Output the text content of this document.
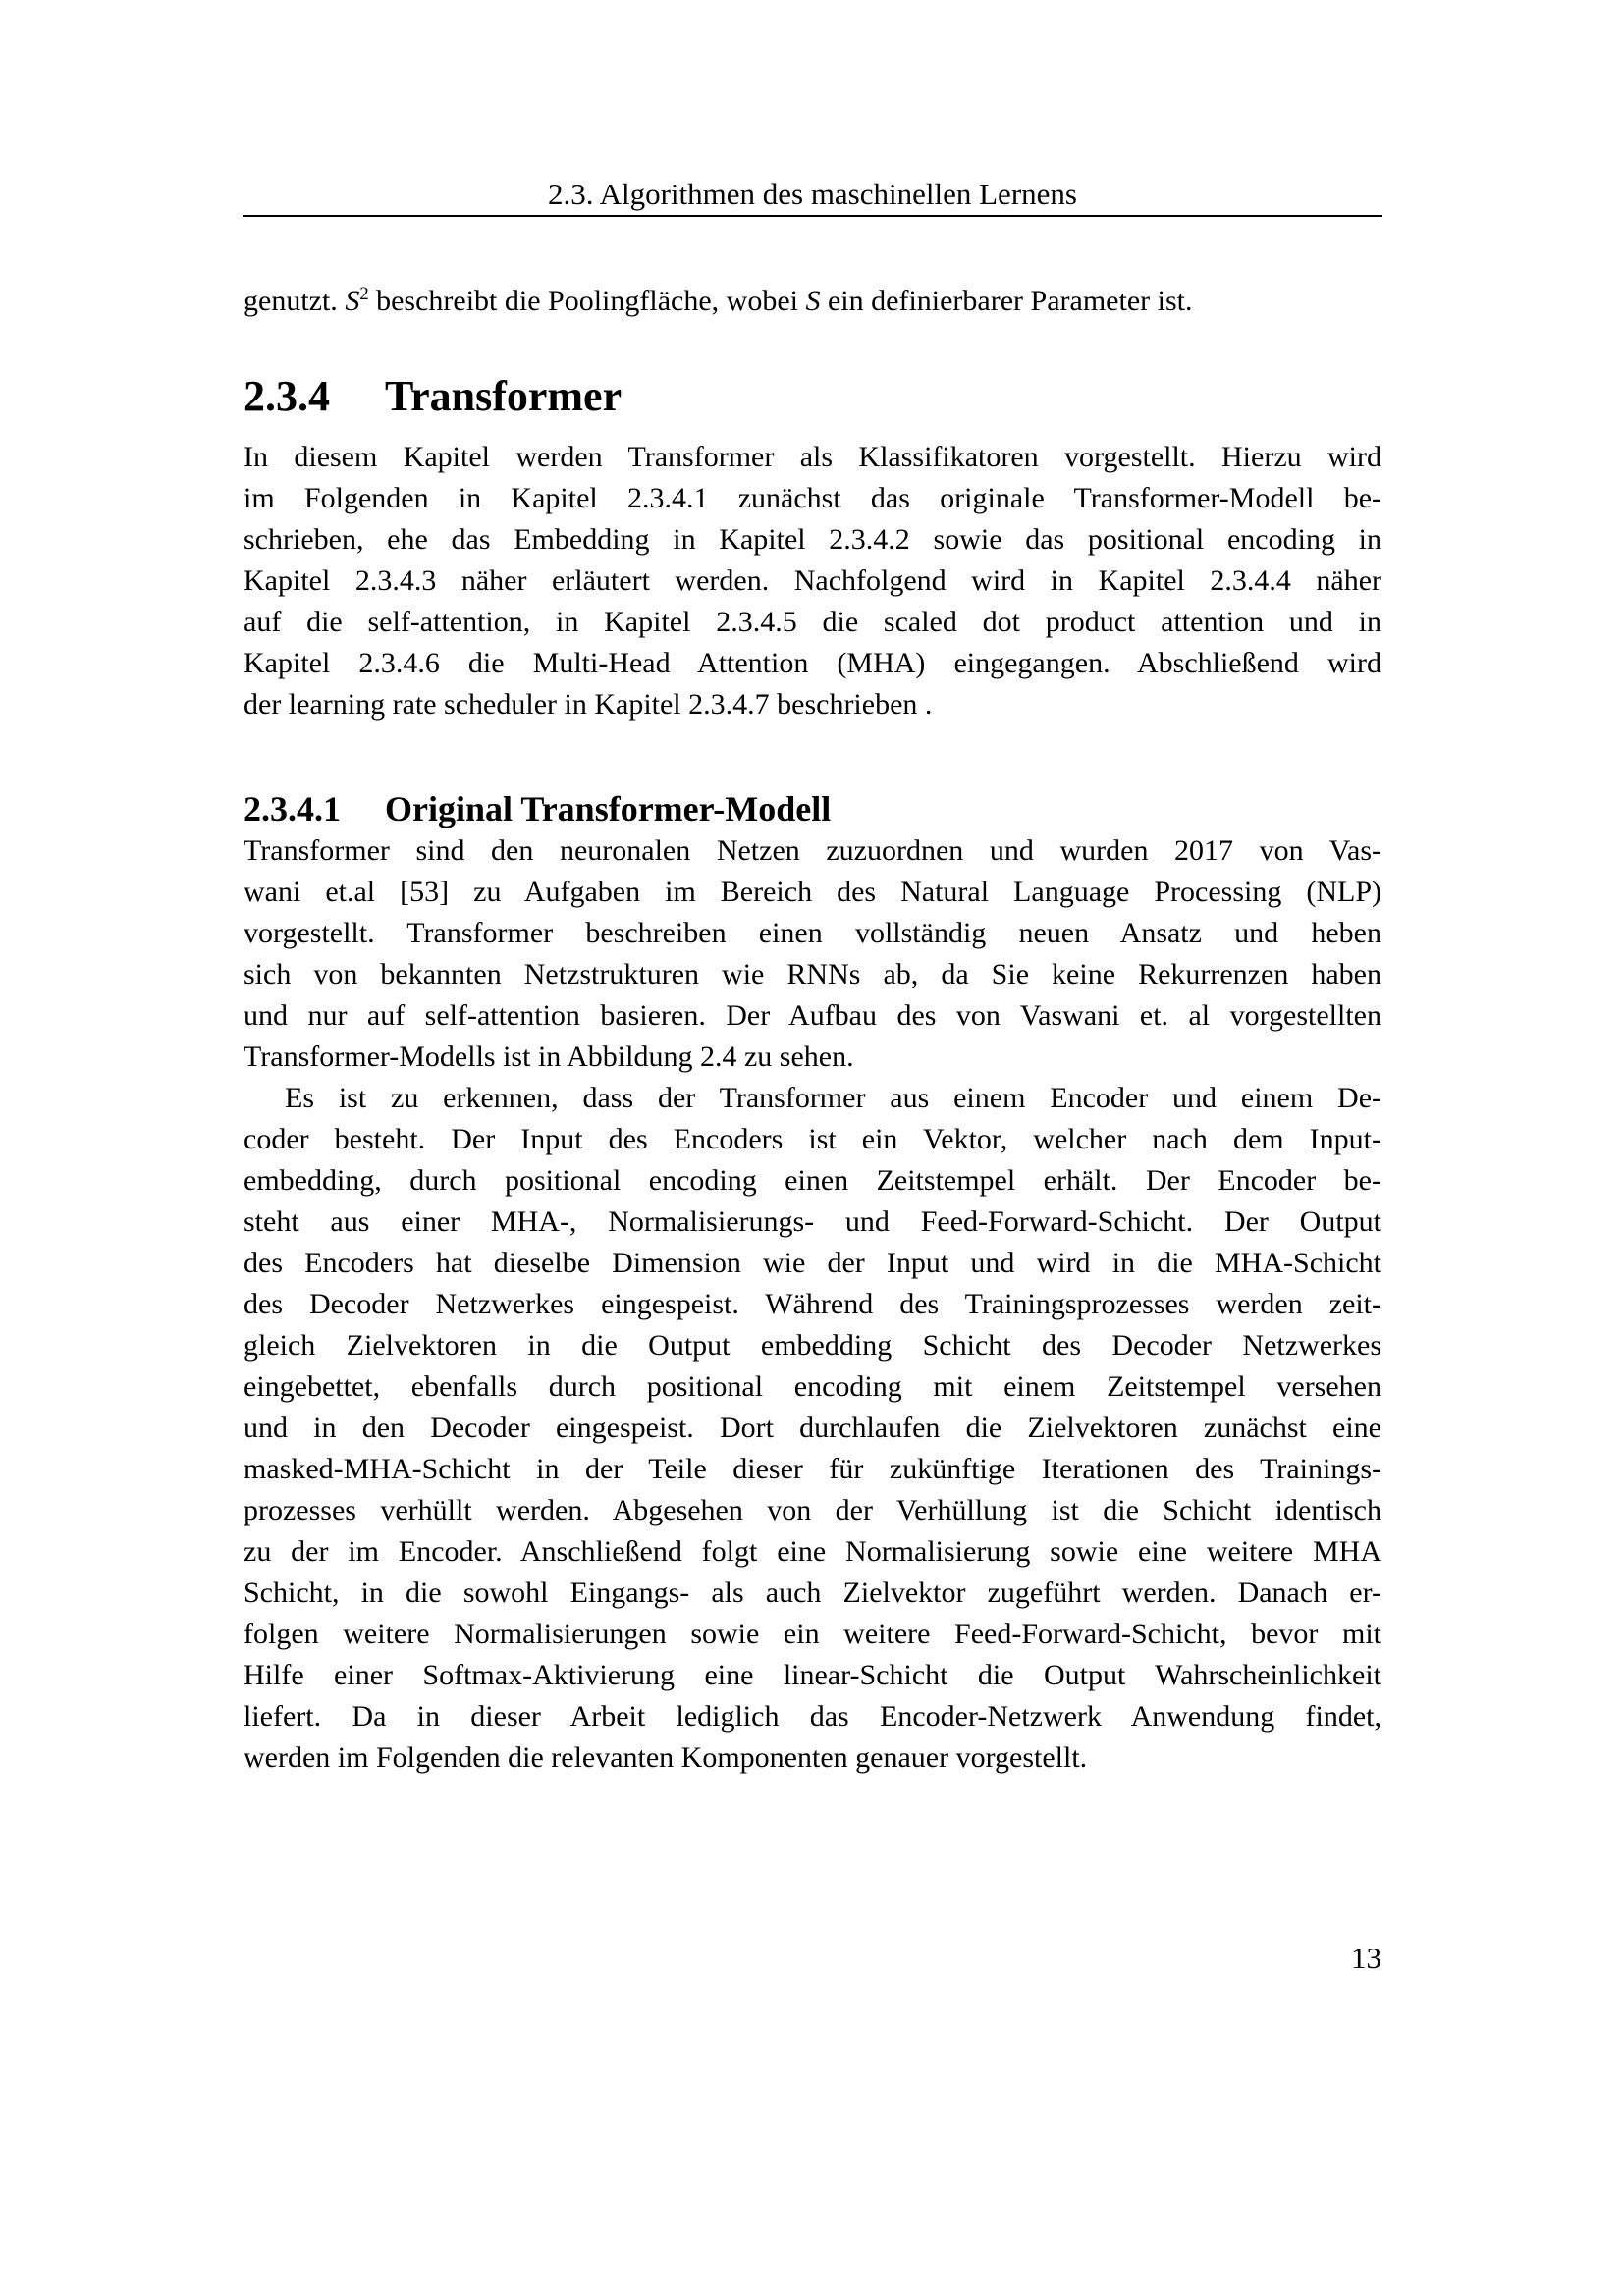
2.3. Algorithmen des maschinellen Lernens
genutzt. $S^2$ beschreibt die Poolingfläche, wobei S ein definierbarer Parameter ist.
2.3.4 Transformer
In diesem Kapitel werden Transformer als Klassifikatoren vorgestellt. Hierzu wird
im Folgenden in Kapitel 2.3.4.1 zunächst das originale Transformer-Modell be-
schrieben, ehe das Embedding in Kapitel 2.3.4.2 sowie das positional encoding in
Kapitel 2.3.4.3 näher erläutert werden. Nachfolgend wird in Kapitel 2.3.4.4 näher
auf die self-attention, in Kapitel 2.3.4.5 die scaled dot product attention und in
Kapitel 2.3.4.6 die Multi-Head Attention (MHA) eingegangen. Abschließend wird
der learning rate scheduler in Kapitel 2.3.4.7 beschrieben .
2.3.4.1 Original Transformer-Modell
Transformer sind den neuronalen Netzen zuzuordnen und wurden 2017 von Vas-
wani et.al [53] zu Aufgaben im Bereich des Natural Language Processing (NLP)
vorgestellt. Transformer beschreiben einen vollständig neuen Ansatz und heben
sich von bekannten Netzstrukturen wie RNNs ab, da Sie keine Rekurrenzen haben
und nur auf self-attention basieren. Der Aufbau des von Vaswani et. al vorgestellten
Transformer-Modells ist in Abbildung 2.4 zu sehen.
Es ist zu erkennen, dass der Transformer aus einem Encoder und einem De-
coder besteht. Der Input des Encoders ist ein Vektor, welcher nach dem Input-
embedding, durch positional encoding einen Zeitstempel erhält. Der Encoder be-
steht aus einer MHA-, Normalisierungs- und Feed-Forward-Schicht. Der Output
des Encoders hat dieselbe Dimension wie der Input und wird in die MHA-Schicht
des Decoder Netzwerkes eingespeist. Während des Trainingsprozesses werden zeit-
gleich Zielvektoren in die Output embedding Schicht des Decoder Netzwerkes
eingebettet, ebenfalls durch positional encoding mit einem Zeitstempel versehen
und in den Decoder eingespeist. Dort durchlaufen die Zielvektoren zunächst eine
masked-MHA-Schicht in der Teile dieser für zukünftige Iterationen des Trainings-
prozesses verhüllt werden. Abgesehen von der Verhüllung ist die Schicht identisch
zu der im Encoder. Anschließend folgt eine Normalisierung sowie eine weitere MHA
Schicht, in die sowohl Eingangs- als auch Zielvektor zugeführt werden. Danach er-
folgen weitere Normalisierungen sowie ein weitere Feed-Forward-Schicht, bevor mit
Hilfe einer Softmax-Aktivierung eine linear-Schicht die Output Wahrscheinlichkeit
liefert. Da in dieser Arbeit lediglich das Encoder-Netzwerk Anwendung findet,
werden im Folgenden die relevanten Komponenten genauer vorgestellt.
13
